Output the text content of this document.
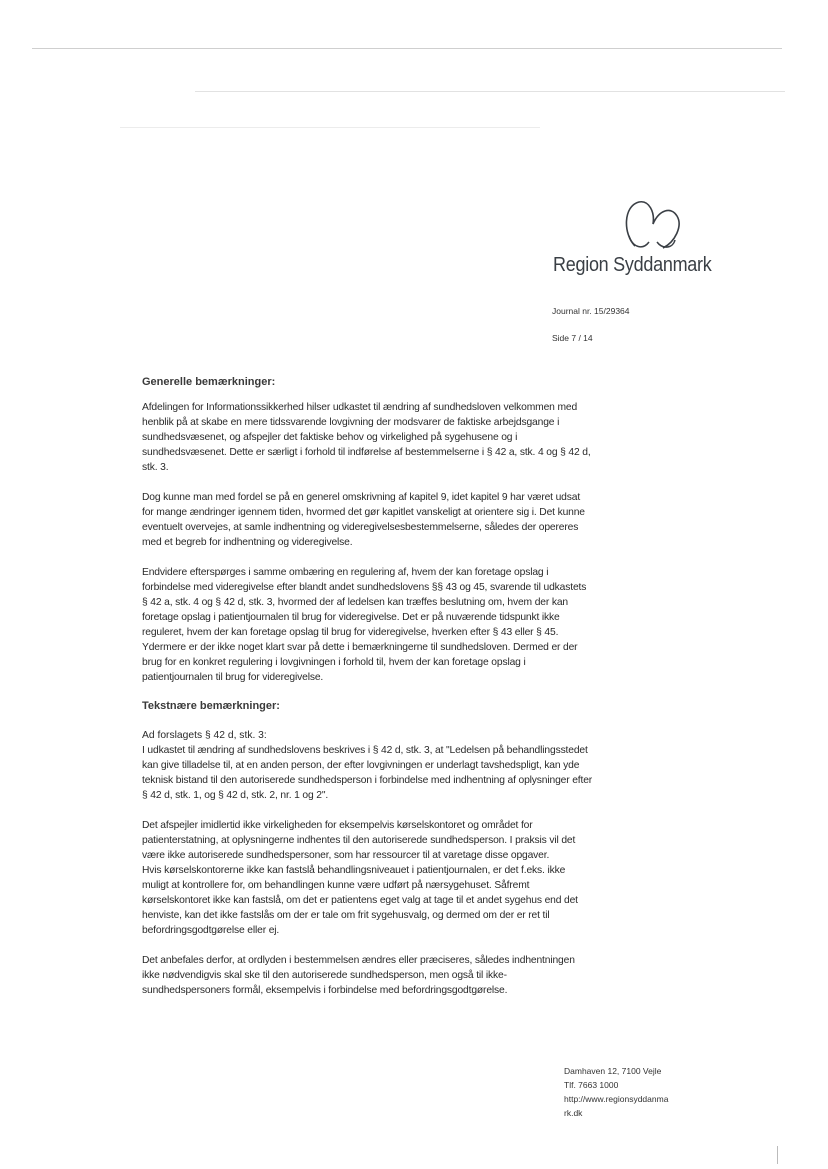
Region Syddanmark
Journal nr. 15/29364
Side 7 / 14
Generelle bemærkninger:
Afdelingen for Informationssikkerhed hilser udkastet til ændring af sundhedsloven velkommen med
henblik på at skabe en mere tidssvarende lovgivning der modsvarer de faktiske arbejdsgange i
sundhedsvæsenet, og afspejler det faktiske behov og virkelighed på sygehusene og i
sundhedsvæsenet. Dette er særligt i forhold til indførelse af bestemmelserne i § 42 a, stk. 4 og § 42 d,
stk. 3.
Dog kunne man med fordel se på en generel omskrivning af kapitel 9, idet kapitel 9 har været udsat
for mange ændringer igennem tiden, hvormed det gør kapitlet vanskeligt at orientere sig i. Det kunne
eventuelt overvejes, at samle indhentning og videregivelsesbestemmelserne, således der opereres
med et begreb for indhentning og videregivelse.
Endvidere efterspørges i samme ombæring en regulering af, hvem der kan foretage opslag i
forbindelse med videregivelse efter blandt andet sundhedslovens §§ 43 og 45, svarende til udkastets
§ 42 a, stk. 4 og § 42 d, stk. 3, hvormed der af ledelsen kan træffes beslutning om, hvem der kan
foretage opslag i patientjournalen til brug for videregivelse. Det er på nuværende tidspunkt ikke
reguleret, hvem der kan foretage opslag til brug for videregivelse, hverken efter § 43 eller § 45.
Ydermere er der ikke noget klart svar på dette i bemærkningerne til sundhedsloven. Dermed er der
brug for en konkret regulering i lovgivningen i forhold til, hvem der kan foretage opslag i
patientjournalen til brug for videregivelse.
Tekstnære bemærkninger:
Ad forslagets § 42 d, stk. 3:
I udkastet til ændring af sundhedslovens beskrives i § 42 d, stk. 3, at "Ledelsen på behandlingsstedet
kan give tilladelse til, at en anden person, der efter lovgivningen er underlagt tavshedspligt, kan yde
teknisk bistand til den autoriserede sundhedsperson i forbindelse med indhentning af oplysninger efter
§ 42 d, stk. 1, og § 42 d, stk. 2, nr. 1 og 2".
Det afspejler imidlertid ikke virkeligheden for eksempelvis kørselskontoret og området for
patienterstatning, at oplysningerne indhentes til den autoriserede sundhedsperson. I praksis vil det
være ikke autoriserede sundhedspersoner, som har ressourcer til at varetage disse opgaver.
Hvis kørselskontorerne ikke kan fastslå behandlingsniveauet i patientjournalen, er det f.eks. ikke
muligt at kontrollere for, om behandlingen kunne være udført på nærsygehuset. Såfremt
kørselskontoret ikke kan fastslå, om det er patientens eget valg at tage til et andet sygehus end det
henviste, kan det ikke fastslås om der er tale om frit sygehusvalg, og dermed om der er ret til
befordringsgodtgørelse eller ej.
Det anbefales derfor, at ordlyden i bestemmelsen ændres eller præciseres, således indhentningen
ikke nødvendigvis skal ske til den autoriserede sundhedsperson, men også til ikke-
sundhedspersoners formål, eksempelvis i forbindelse med befordringsgodtgørelse.
Damhaven 12, 7100 Vejle
Tlf. 7663 1000
http://www.regionsyddanma
rk.dk
